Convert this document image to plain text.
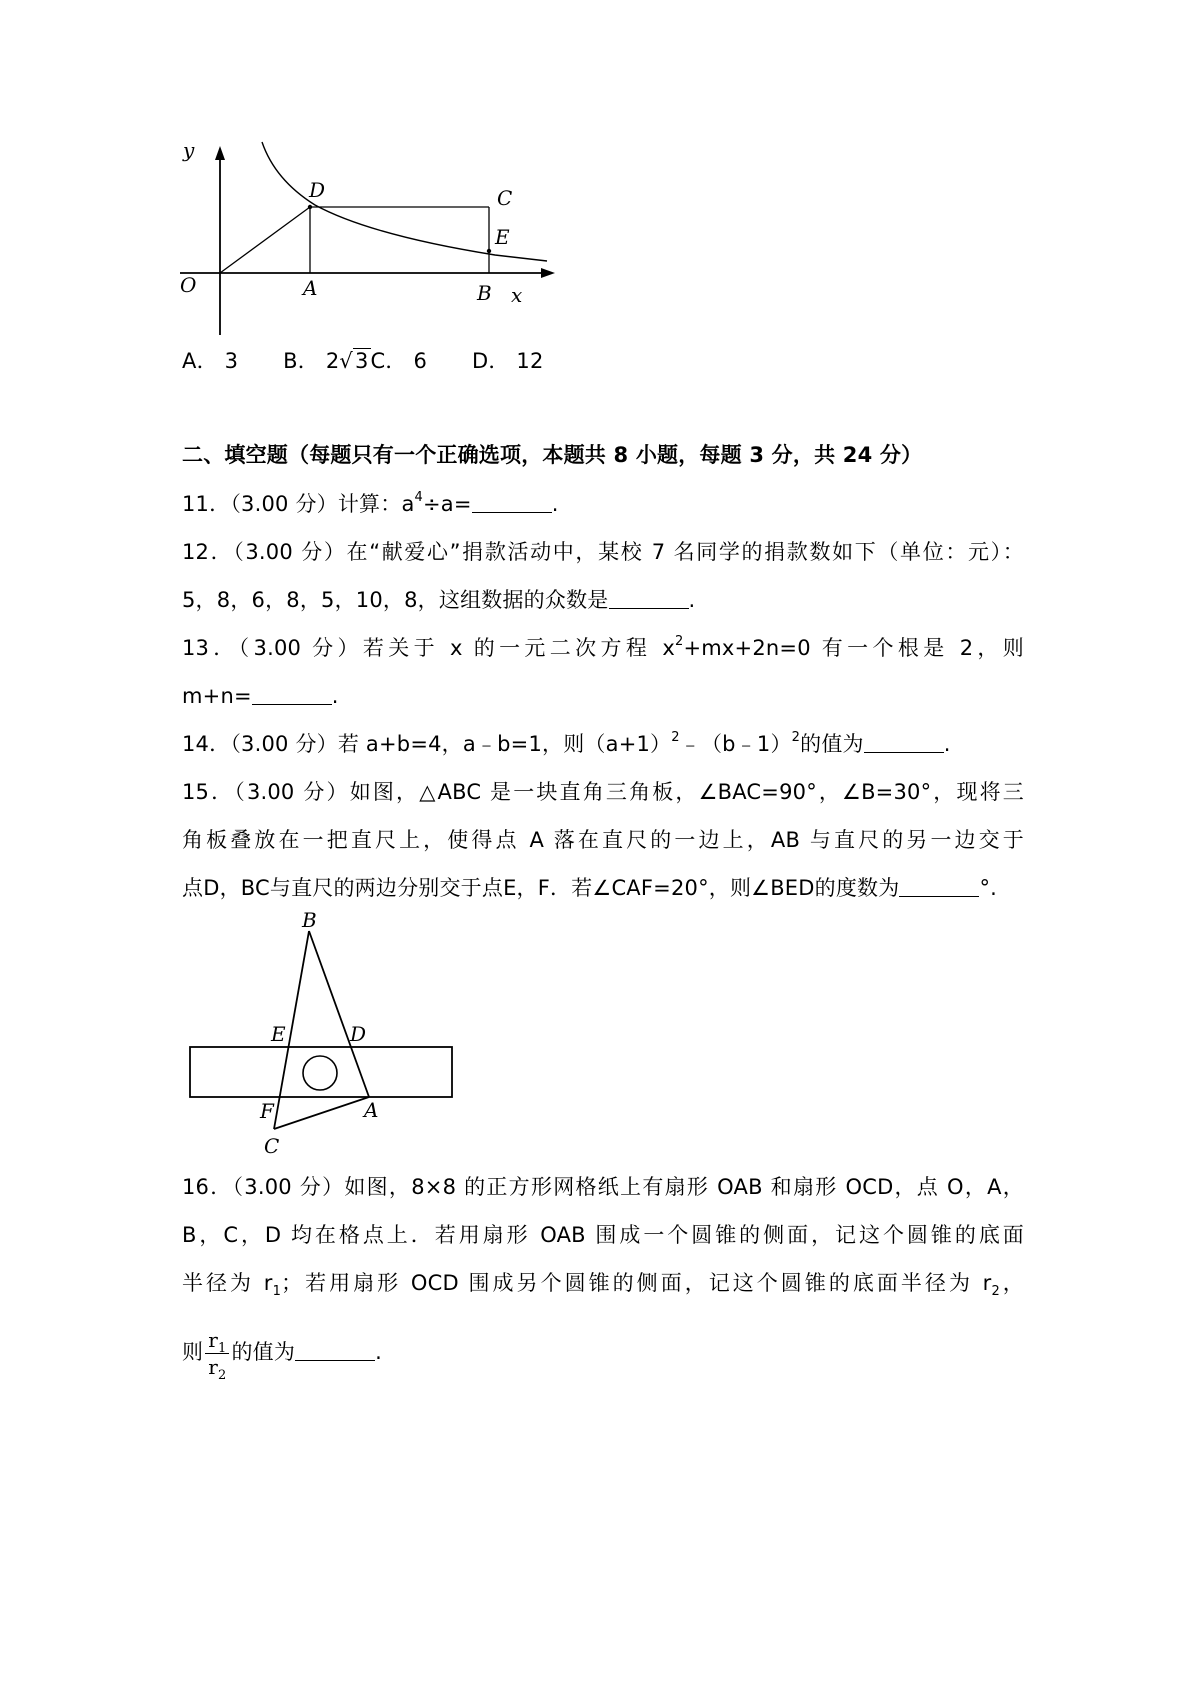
y
x
O	A	B
C
D
E
A． 3 B． 2√3C． 6 D． 12
二、填空题（每题只有一个正确选项，本题共 8 小题，每题 3 分，共 24 分）
11．（3.00 分）计算：$a^4\div a=$	.
12．（3.00 分）在“献爱心”捐款活动中，某校 7 名同学的捐款数如下（单位：元）：
5，8，6，8，5，10，8，这组数据的众数是	.
13．（3.00 分）若关于 x 的一元二次方程 $x^2+mx+2n=0$ 有一个根是 2，则
m+n=	.
14．（3.00 分）若 a+b=4，a﹣b=1，则$(a+1)^2﹣(b﹣1)^2$的值为	.
15．（3.00 分）如图，△ABC 是一块直角三角板，∠BAC=90°，∠B=30°，现将三
角板叠放在一把直尺上，使得点 A 落在直尺的一边上，AB 与直尺的另一边交于
点D，BC与直尺的两边分别交于点E，F．若∠CAF=20°，则∠BED的度数为	°.
B
E	D
F	A
C
16．（3.00 分）如图，8×8 的正方形网格纸上有扇形 OAB 和扇形 OCD，点 O，A，
B，C，D 均在格点上．若用扇形 OAB 围成一个圆锥的侧面，记这个圆锥的底面
半径为 $r_1$；若用扇形 OCD 围成另个圆锥的侧面，记这个圆锥的底面半径为 $r_2$，
则 $\frac{r_1}{r_2}$ 的值为	.
